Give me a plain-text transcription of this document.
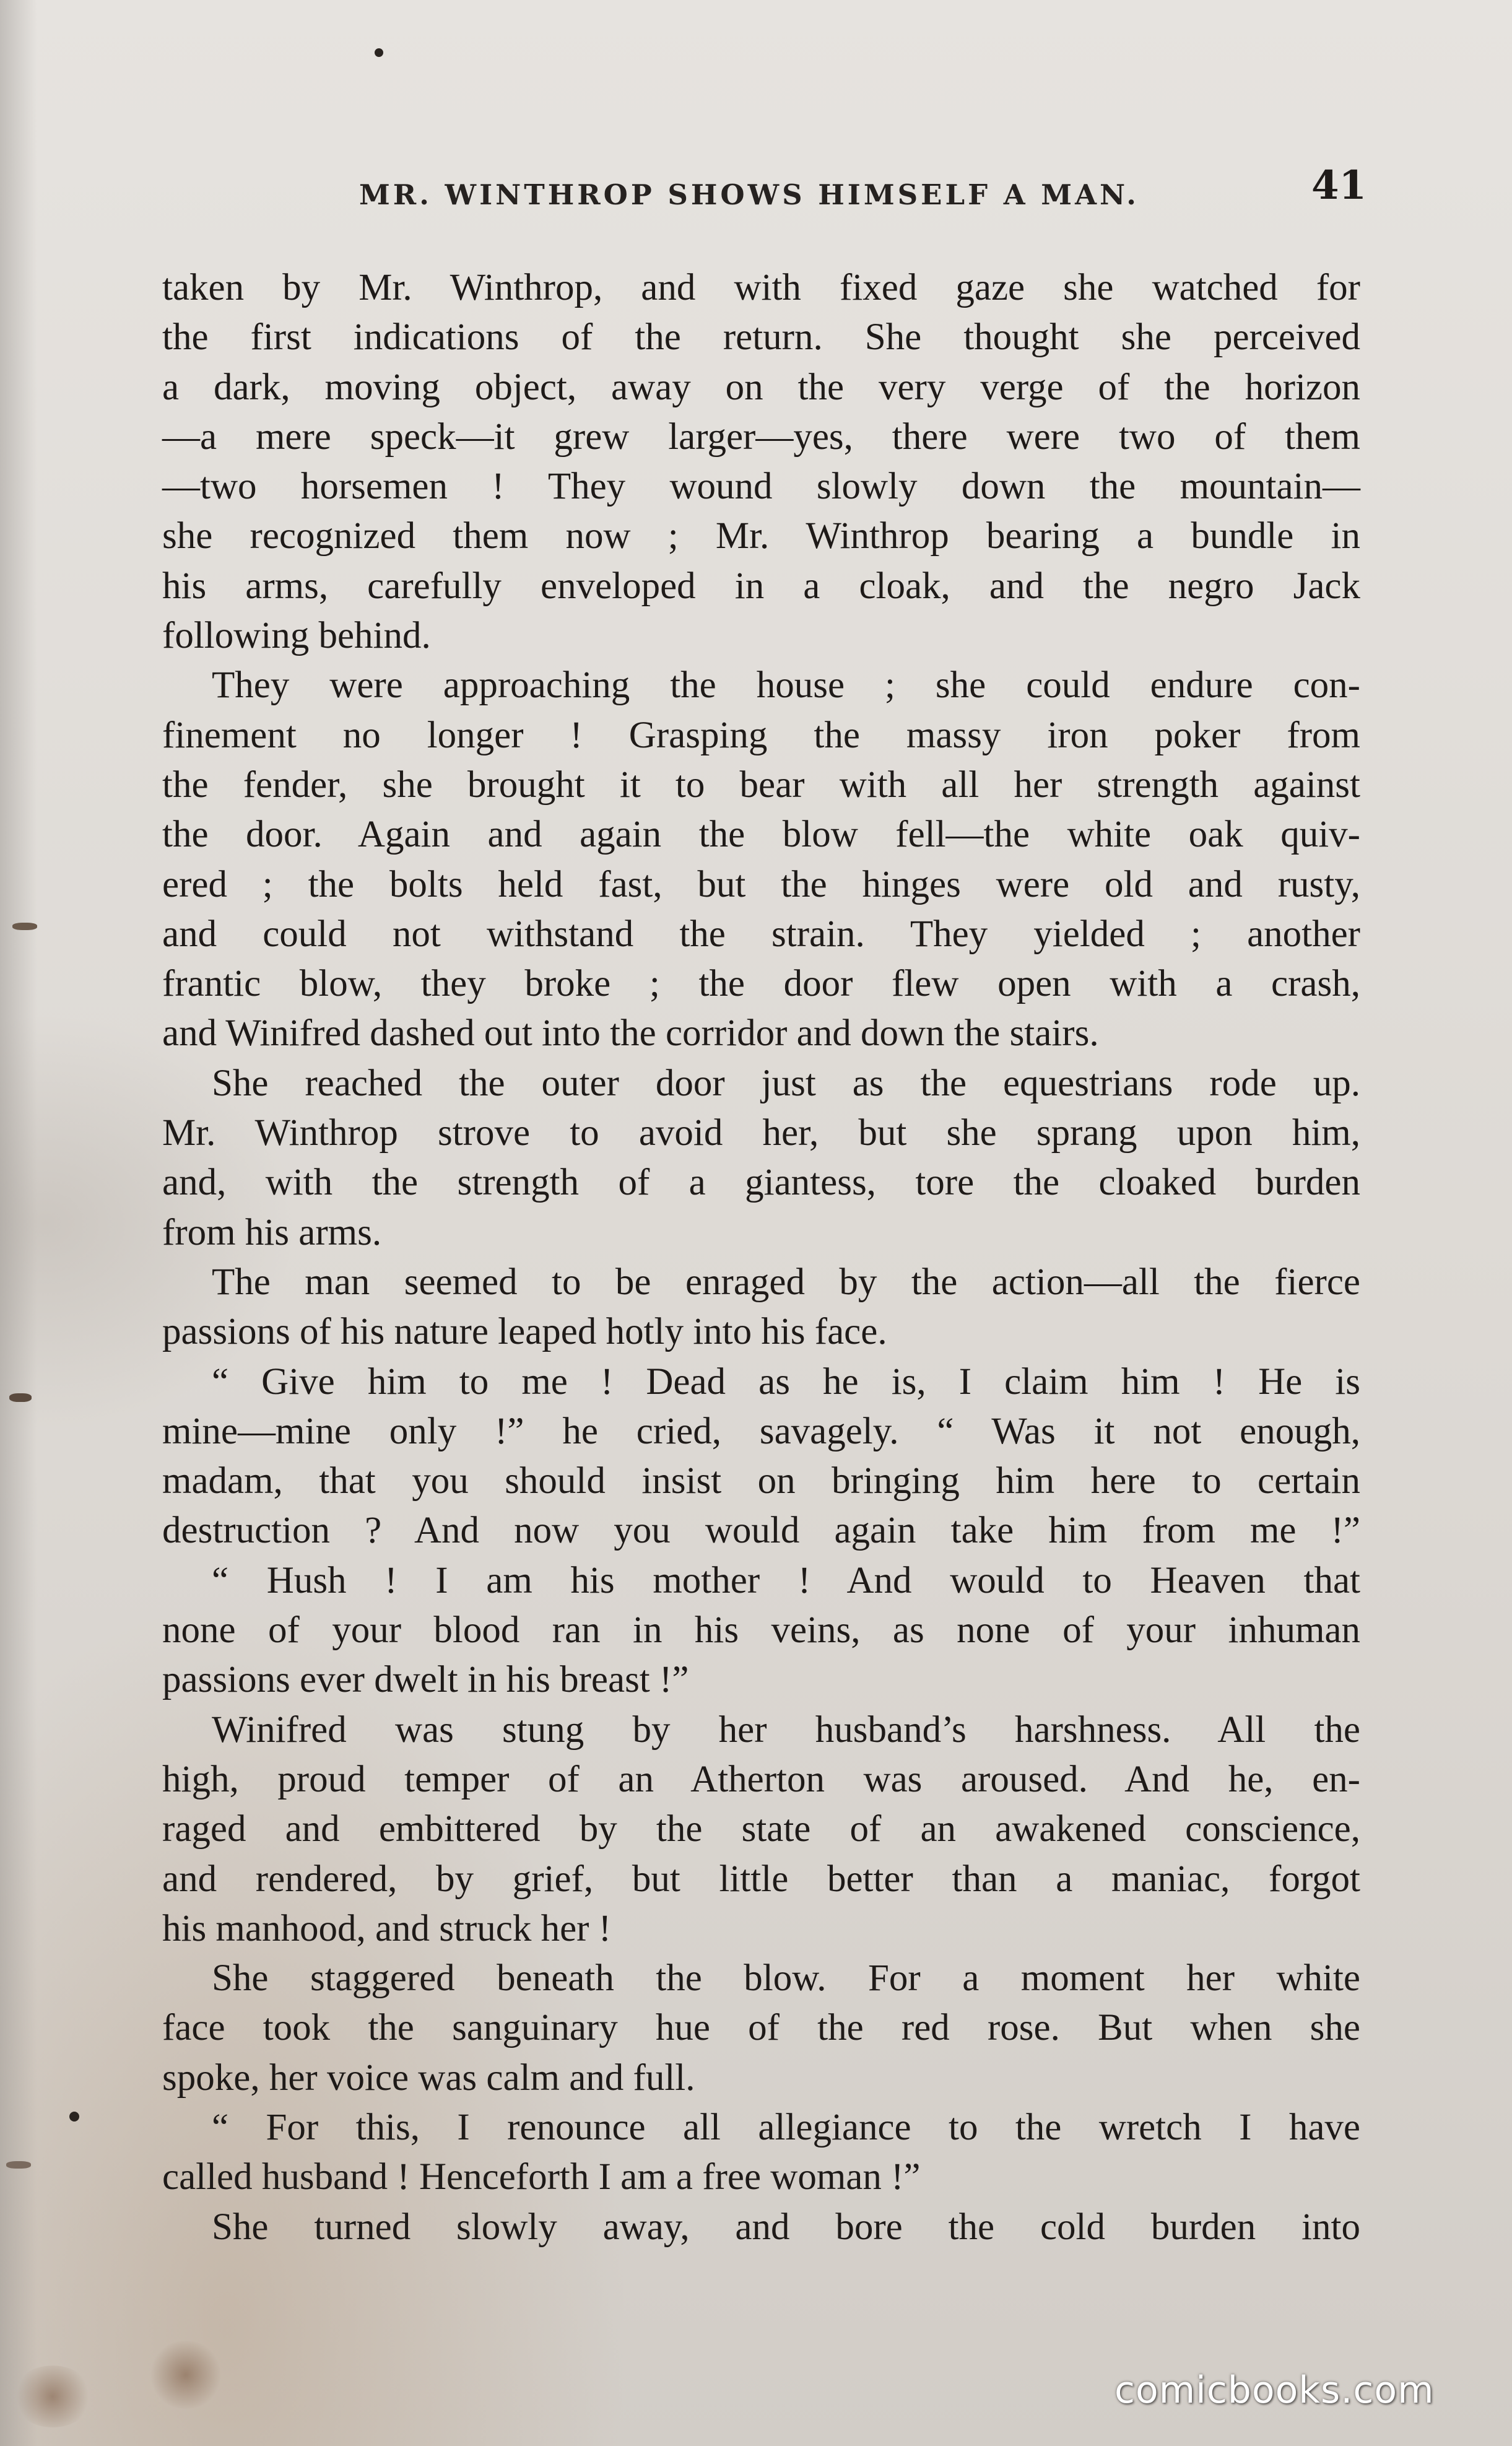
MR. WINTHROP SHOWS HIMSELF A MAN.	41
taken by Mr. Winthrop, and with fixed gaze she watched for
the first indications of the return. She thought she perceived
a dark, moving object, away on the very verge of the horizon
—a mere speck—it grew larger—yes, there were two of them
—two horsemen ! They wound slowly down the mountain—
she recognized them now ; Mr. Winthrop bearing a bundle in
his arms, carefully enveloped in a cloak, and the negro Jack
following behind.
They were approaching the house ; she could endure con-
finement no longer ! Grasping the massy iron poker from
the fender, she brought it to bear with all her strength against
the door. Again and again the blow fell—the white oak quiv-
ered ; the bolts held fast, but the hinges were old and rusty,
and could not withstand the strain. They yielded ; another
frantic blow, they broke ; the door flew open with a crash,
and Winifred dashed out into the corridor and down the stairs.
She reached the outer door just as the equestrians rode up.
Mr. Winthrop strove to avoid her, but she sprang upon him,
and, with the strength of a giantess, tore the cloaked burden
from his arms.
The man seemed to be enraged by the action—all the fierce
passions of his nature leaped hotly into his face.
“ Give him to me ! Dead as he is, I claim him ! He is
mine—mine only !” he cried, savagely. “ Was it not enough,
madam, that you should insist on bringing him here to certain
destruction ? And now you would again take him from me !”
“ Hush ! I am his mother ! And would to Heaven that
none of your blood ran in his veins, as none of your inhuman
passions ever dwelt in his breast !”
Winifred was stung by her husband’s harshness. All the
high, proud temper of an Atherton was aroused. And he, en-
raged and embittered by the state of an awakened conscience,
and rendered, by grief, but little better than a maniac, forgot
his manhood, and struck her !
She staggered beneath the blow. For a moment her white
face took the sanguinary hue of the red rose. But when she
spoke, her voice was calm and full.
“ For this, I renounce all allegiance to the wretch I have
called husband ! Henceforth I am a free woman !”
She turned slowly away, and bore the cold burden into
comicbooks.com
